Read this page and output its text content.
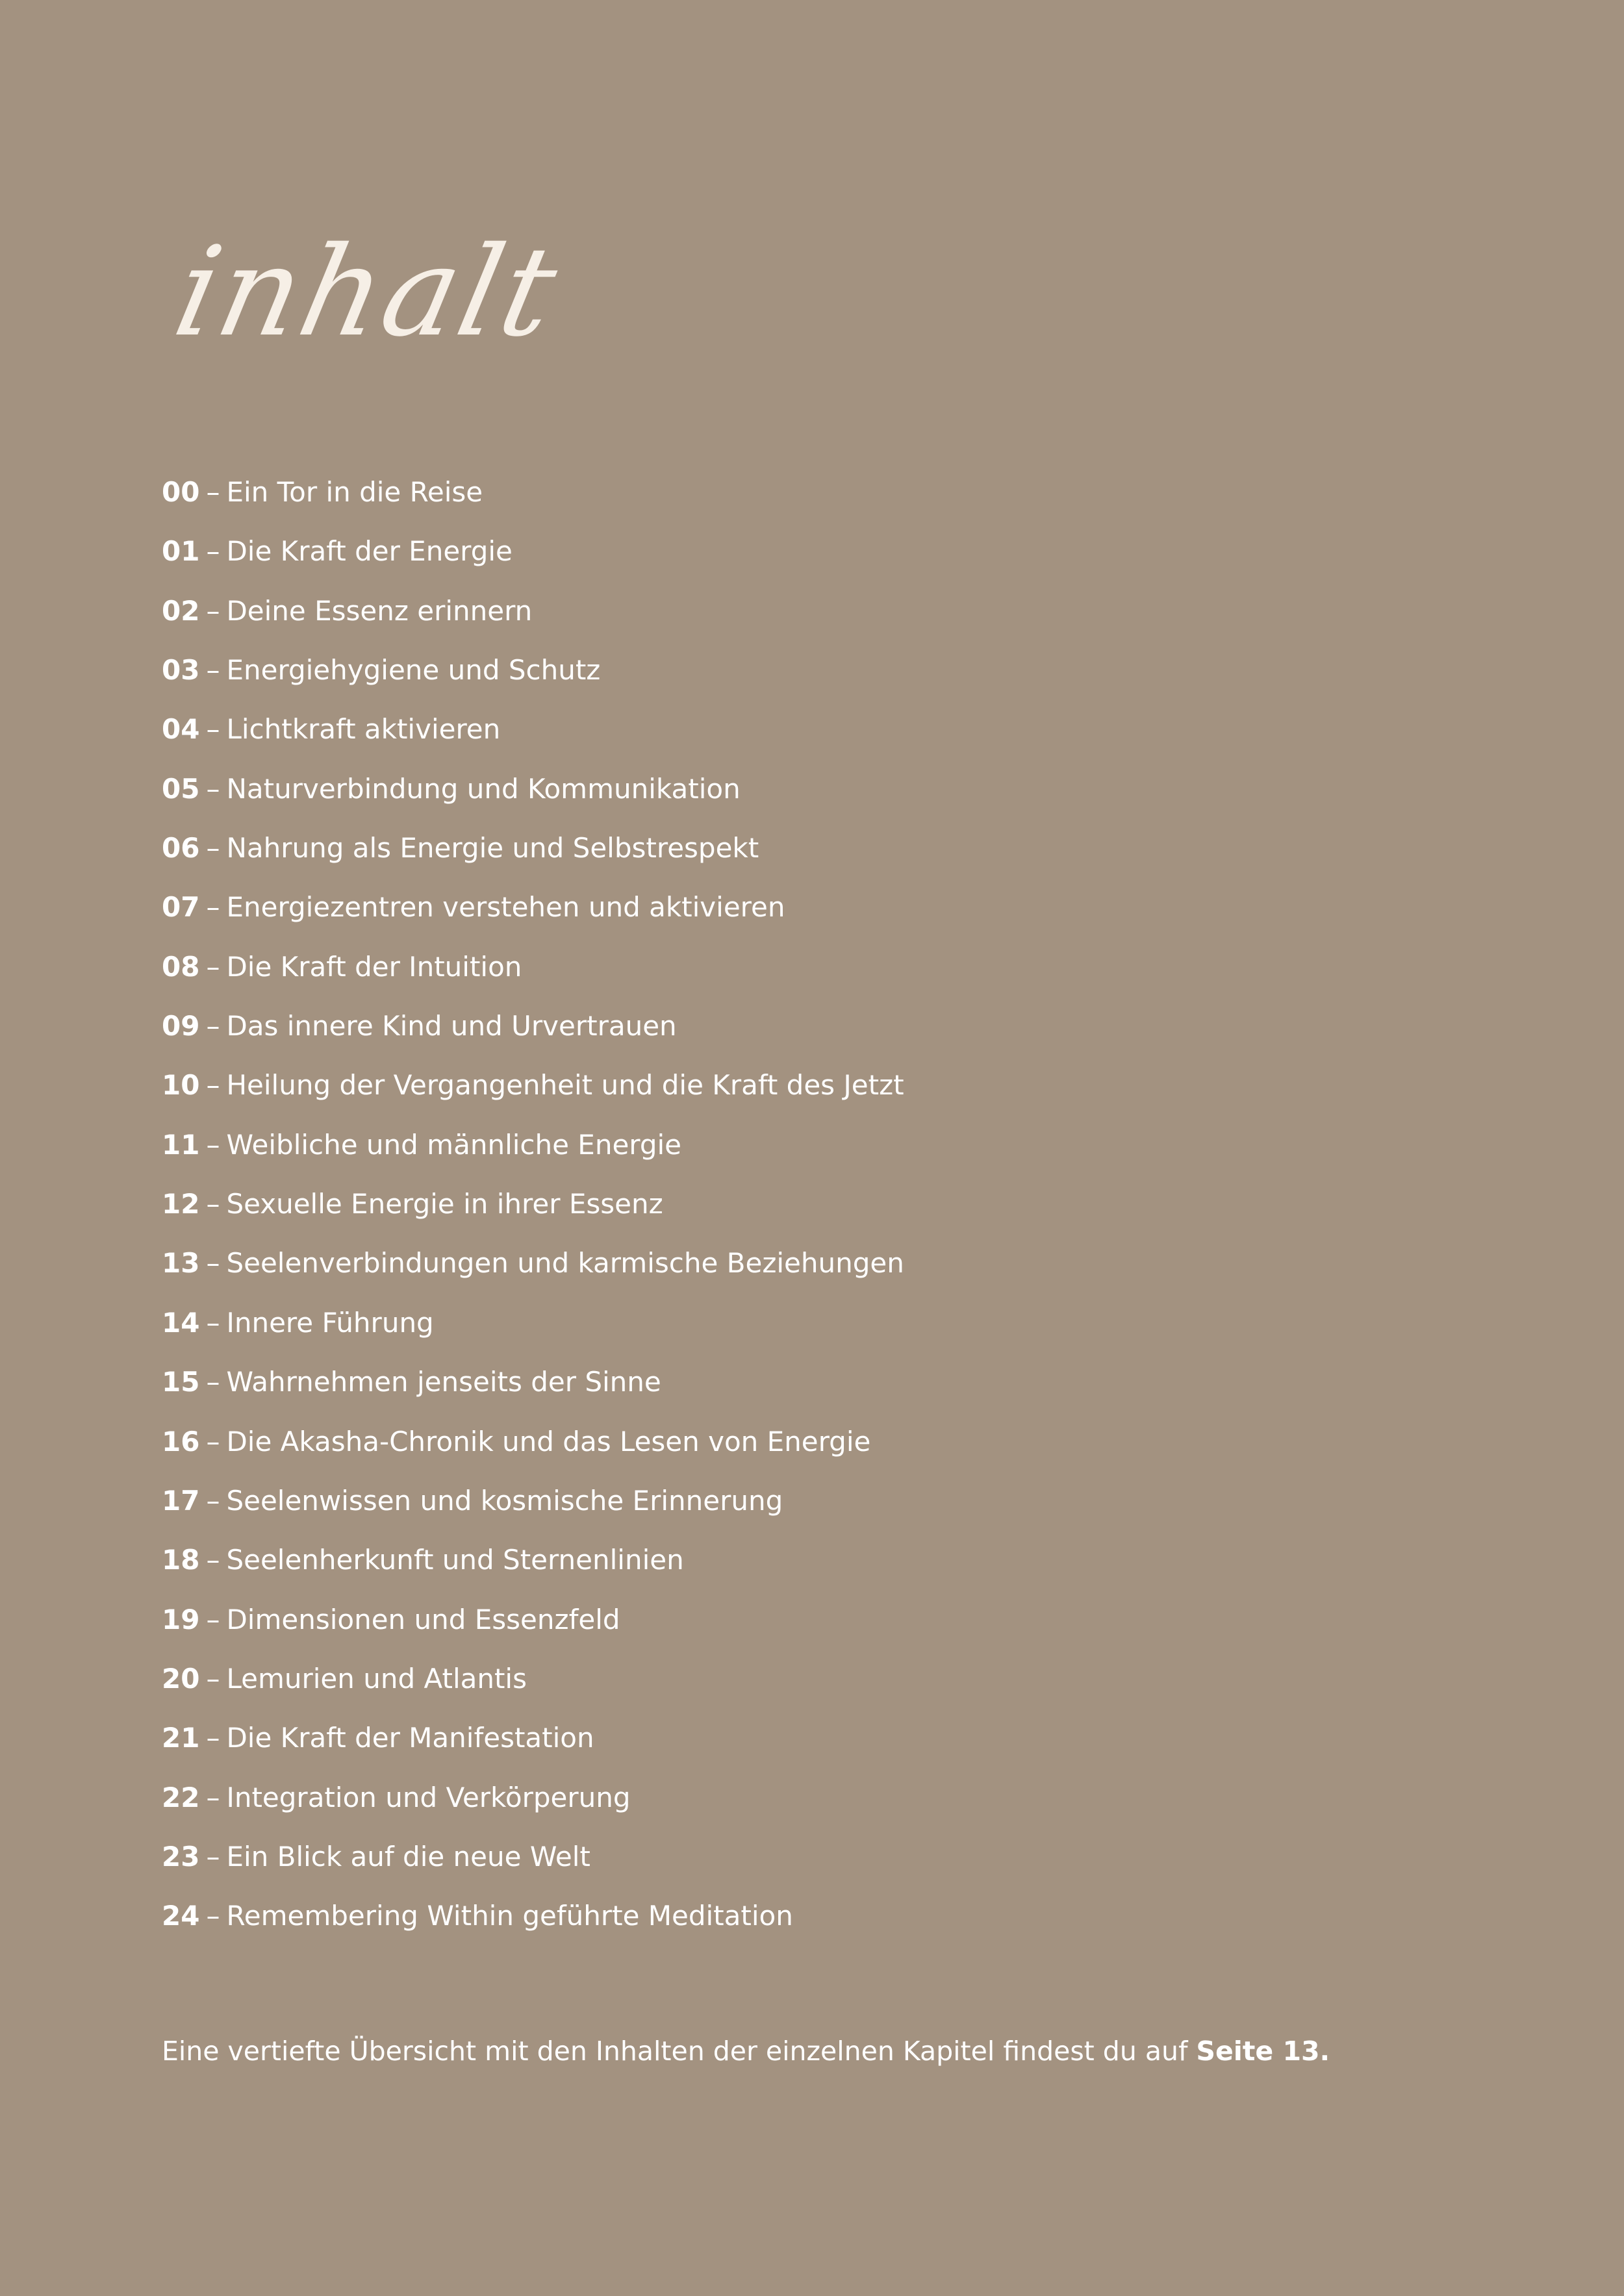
inhalt
00 – Ein Tor in die Reise
01 – Die Kraft der Energie
02 – Deine Essenz erinnern
03 – Energiehygiene und Schutz
04 – Lichtkraft aktivieren
05 – Naturverbindung und Kommunikation
06 – Nahrung als Energie und Selbstrespekt
07 – Energiezentren verstehen und aktivieren
08 – Die Kraft der Intuition
09 – Das innere Kind und Urvertrauen
10 – Heilung der Vergangenheit und die Kraft des Jetzt
11 – Weibliche und männliche Energie
12 – Sexuelle Energie in ihrer Essenz
13 – Seelenverbindungen und karmische Beziehungen
14 – Innere Führung
15 – Wahrnehmen jenseits der Sinne
16 – Die Akasha-Chronik und das Lesen von Energie
17 – Seelenwissen und kosmische Erinnerung
18 – Seelenherkunft und Sternenlinien
19 – Dimensionen und Essenzfeld
20 – Lemurien und Atlantis
21 – Die Kraft der Manifestation
22 – Integration und Verkörperung
23 – Ein Blick auf die neue Welt
24 – Remembering Within geführte Meditation
Eine vertiefte Übersicht mit den Inhalten der einzelnen Kapitel findest du auf Seite 13.
